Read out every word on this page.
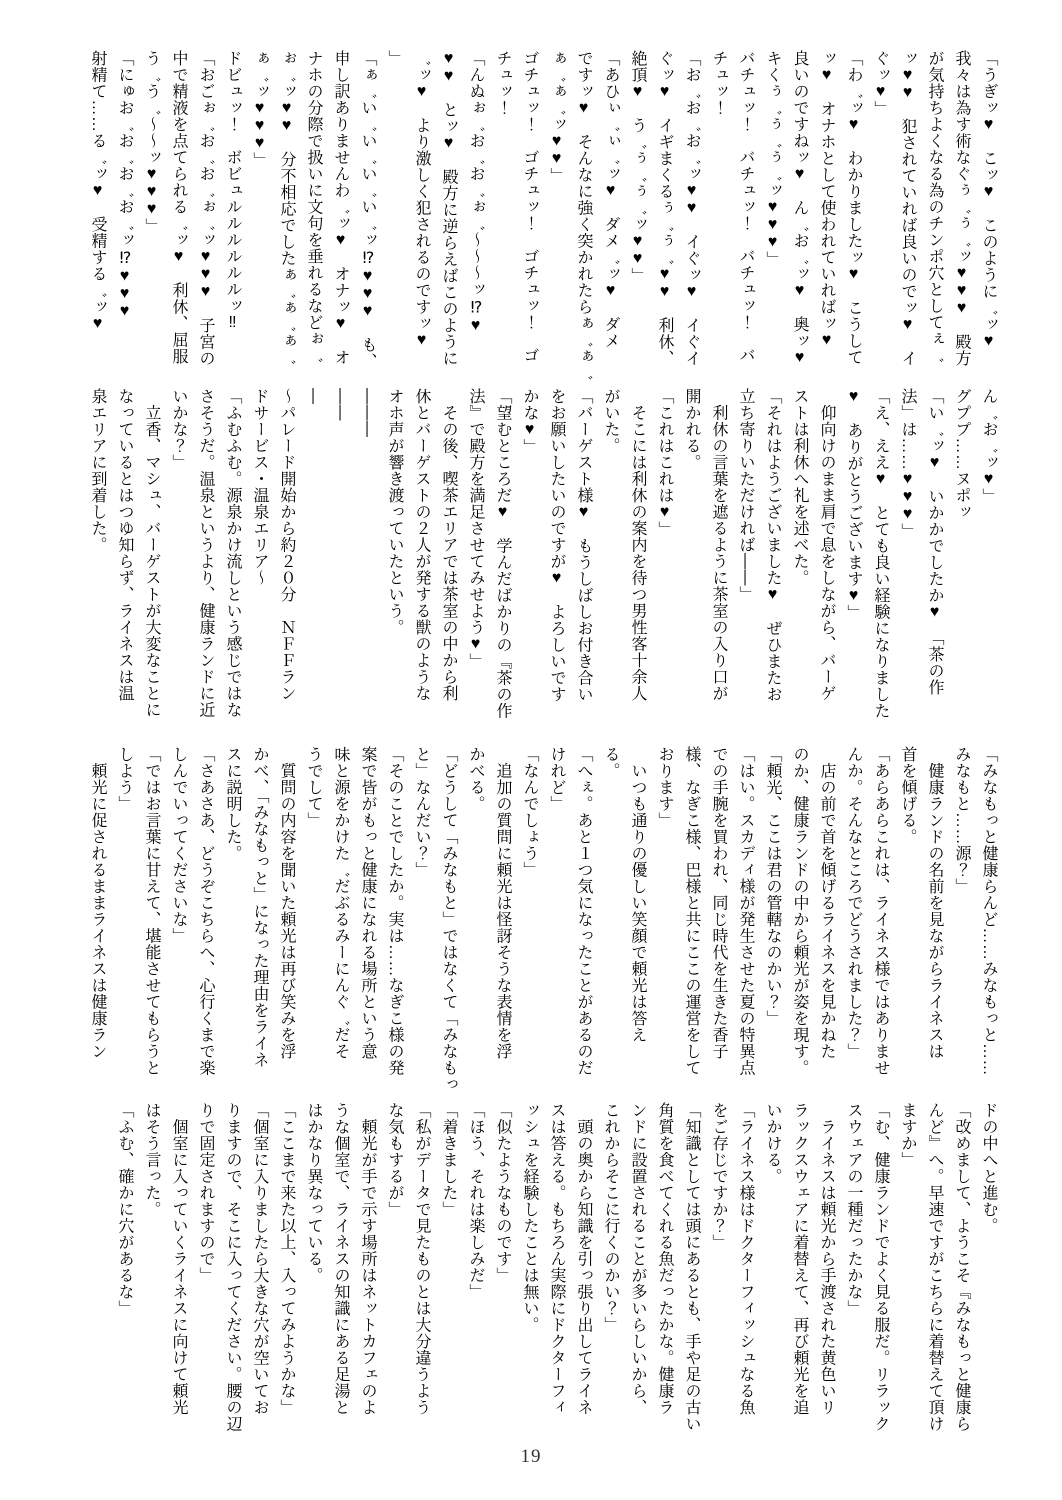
「うぎッ♥　こッ♥　このように゛ッ♥
我々は為す術なぐぅ゛ぅ゛ッ♥♥♥　殿方
が気持ちよくなる為のチンポ穴としてぇ゛
ッ♥♥　犯されていれば良いのでッ♥　イ
ぐッ♥」
「わ゛ッ♥　わかりましたッ♥　こうして
ッ♥　オナホとして使われていればッ♥
良いのですねッ♥　ん゛お゛ッ♥　奥ッ♥
キくぅ゛ぅ゛ぅ゛ッ♥♥♥」
バチュッ！　バチュッ！　バチュッ！　バ
チュッ！
「お゛お゛お゛ッ♥♥　イぐッ♥　イぐイ
ぐッ♥　イギまくるぅ゛ぅ゛♥♥　利休、
絶頂♥　う゛ぅ゛ぅ゛ッ♥♥」
「あひぃ゛ぃ゛ッ♥　ダメ゛ッ♥　ダメ
ですッ♥　そんなに強く突かれたらぁ゛ぁ゛
ぁ゛ぁ゛ッ♥♥」
ゴチュッ！　ゴチュッ！　ゴチュッ！　ゴ
チュッ！
「んぬぉ゛お゛お゛ぉ゛〜〜〜ッ⁉♥
♥♥　とッ♥　殿方に逆らえばこのように
゛ッ♥　より激しく犯されるのですッ♥
」
「ぁ゛い゛い゛い゛い゛ッ⁉♥♥♥　も、
申し訳ありませんわ゛ッ♥　オナッ♥　オ
ナホの分際で扱いに文句を垂れるなどぉ゛
ぉ゛ッ♥♥　分不相応でしたぁ゛ぁ゛ぁ゛
ぁ゛ッ♥♥♥」
ドビュッ！　ボビュルルルルルルッ‼
「おごぉ゛お゛お゛ぉ゛ッ♥♥♥　子宮の
中で精液を点てられる゛ッ♥　利休、屈服
う゛う゛〜〜ッ♥♥♥」
「にゅお゛お゛お゛お゛ッ⁉♥♥♥
射精て……る゛ッ♥　受精する゛ッ♥
ん゛お゛ッ♥」
グププ……ヌポッ
「い゛ッ♥　いかかでしたか♥　「茶の作
法」は……♥♥♥」
「え、ええ♥　とても良い経験になりました
♥　ありがとうございます♥」
　仰向けのまま肩で息をしながら、バーゲ
ストは利休へ礼を述べた。
「それはようございました♥　ぜひまたお
立ち寄りいただければ――」
　利休の言葉を遮るように茶室の入り口が
開かれる。
「これはこれは♥」
　そこには利休の案内を待つ男性客十余人
がいた。
「バーゲスト様♥　もうしばしお付き合い
をお願いしたいのですが♥　よろしいです
かな♥」
「望むところだ♥　学んだばかりの『茶の作
法』で殿方を満足させてみせよう♥」
　その後、喫茶エリアでは茶室の中から利
休とバーゲストの２人が発する獣のような
オホ声が響き渡っていたという。
―――
――
―
〜パレード開始から約２０分　ＮＦＦラン
ドサービス・温泉エリア〜
「ふむふむ。源泉かけ流しという感じではな
さそうだ。温泉というより、健康ランドに近
いかな？」
　立香、マシュ、バーゲストが大変なことに
なっているとはつゆ知らず、ライネスは温
泉エリアに到着した。
「みなもっと健康らんど……みなもっと……
みなもと……源？」
　健康ランドの名前を見ながらライネスは
首を傾げる。
「あらあらこれは、ライネス様ではありませ
んか。そんなところでどうされました？」
　店の前で首を傾げるライネスを見かねた
のか、健康ランドの中から頼光が姿を現す。
「頼光、ここは君の管轄なのかい？」
「はい。スカディ様が発生させた夏の特異点
での手腕を買われ、同じ時代を生きた香子
様、なぎこ様、巴様と共にここの運営をして
おります」
　いつも通りの優しい笑顔で頼光は答え
る。
「へぇ。あと１つ気になったことがあるのだ
けれど」
「なんでしょう」
　追加の質問に頼光は怪訝そうな表情を浮
かべる。
「どうして「みなもと」ではなくて「みなもっ
と」なんだい？」
「そのことでしたか。実は……なぎこ様の発
案で皆がもっと健康になれる場所という意
味と源をかけた゛だぶるみーにんぐ゛だそ
うでして」
　質問の内容を聞いた頼光は再び笑みを浮
かべ、「みなもっと」になった理由をライネ
スに説明した。
「さあさあ、どうぞこちらへ、心行くまで楽
しんでいってくださいな」
「ではお言葉に甘えて、堪能させてもらうと
しよう」
　頼光に促されるままライネスは健康ラン
ドの中へと進む。
「改めまして、ようこそ『みなもっと健康ら
んど』へ。早速ですがこちらに着替えて頂け
ますか」
「む、健康ランドでよく見る服だ。リラック
スウェアの一種だったかな」
　ライネスは頼光から手渡された黄色いリ
ラックスウェアに着替えて、再び頼光を追
いかける。
「ライネス様はドクターフィッシュなる魚
をご存じですか？」
「知識としては頭にあるとも、手や足の古い
角質を食べてくれる魚だったかな。健康ラ
ンドに設置されることが多いらしいから、
これからそこに行くのかい？」
　頭の奥から知識を引っ張り出してライネ
スは答える。もちろん実際にドクターフィ
ッシュを経験したことは無い。
「似たようなものです」
「ほう、それは楽しみだ」
「着きました」
「私がデータで見たものとは大分違うよう
な気もするが」
　頼光が手で示す場所はネットカフェのよ
うな個室で、ライネスの知識にある足湯と
はかなり異なっている。
「ここまで来た以上、入ってみようかな」
「個室に入りましたら大きな穴が空いてお
りますので、そこに入ってください。腰の辺
りで固定されますので」
　個室に入っていくライネスに向けて頼光
はそう言った。
「ふむ、確かに穴があるな」
19
